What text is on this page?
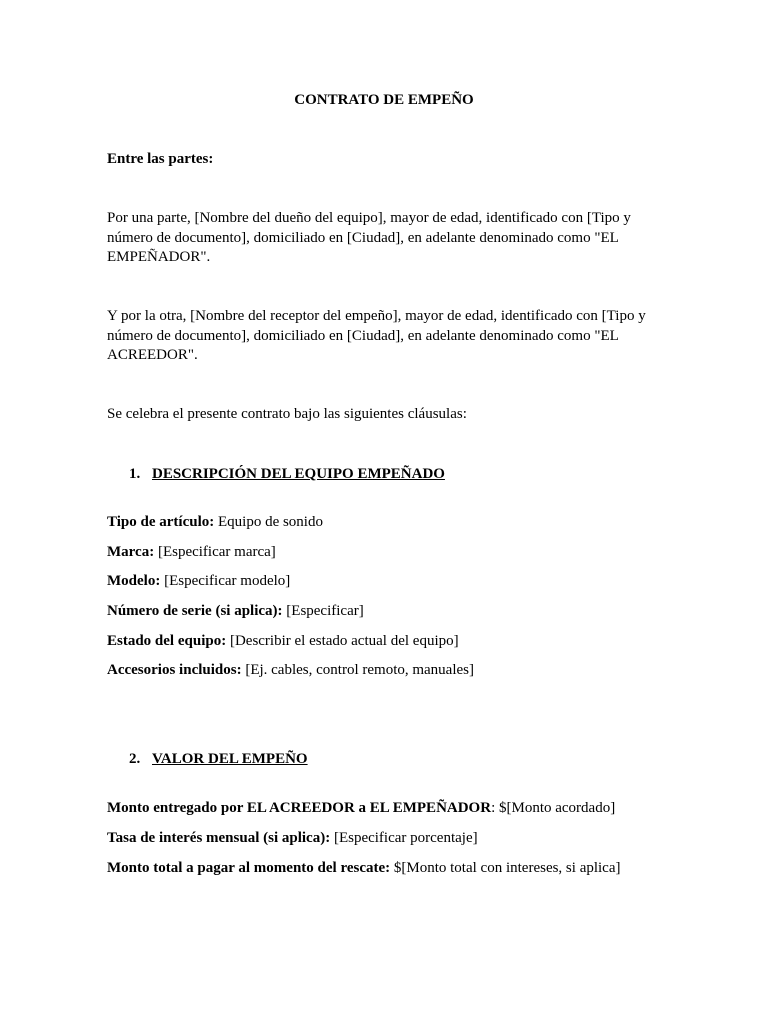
CONTRATO DE EMPEÑO

Entre las partes:

Por una parte, [Nombre del dueño del equipo], mayor de edad, identificado con [Tipo y número de documento], domiciliado en [Ciudad], en adelante denominado como "EL EMPEÑADOR".

Y por la otra, [Nombre del receptor del empeño], mayor de edad, identificado con [Tipo y número de documento], domiciliado en [Ciudad], en adelante denominado como "EL ACREEDOR".

Se celebra el presente contrato bajo las siguientes cláusulas:

1. DESCRIPCIÓN DEL EQUIPO EMPEÑADO
Tipo de artículo: Equipo de sonido
Marca: [Especificar marca]
Modelo: [Especificar modelo]
Número de serie (si aplica): [Especificar]
Estado del equipo: [Describir el estado actual del equipo]
Accesorios incluidos: [Ej. cables, control remoto, manuales]
2. VALOR DEL EMPEÑO
Monto entregado por EL ACREEDOR a EL EMPEÑADOR: $[Monto acordado]
Tasa de interés mensual (si aplica): [Especificar porcentaje]
Monto total a pagar al momento del rescate: $[Monto total con intereses, si aplica]
